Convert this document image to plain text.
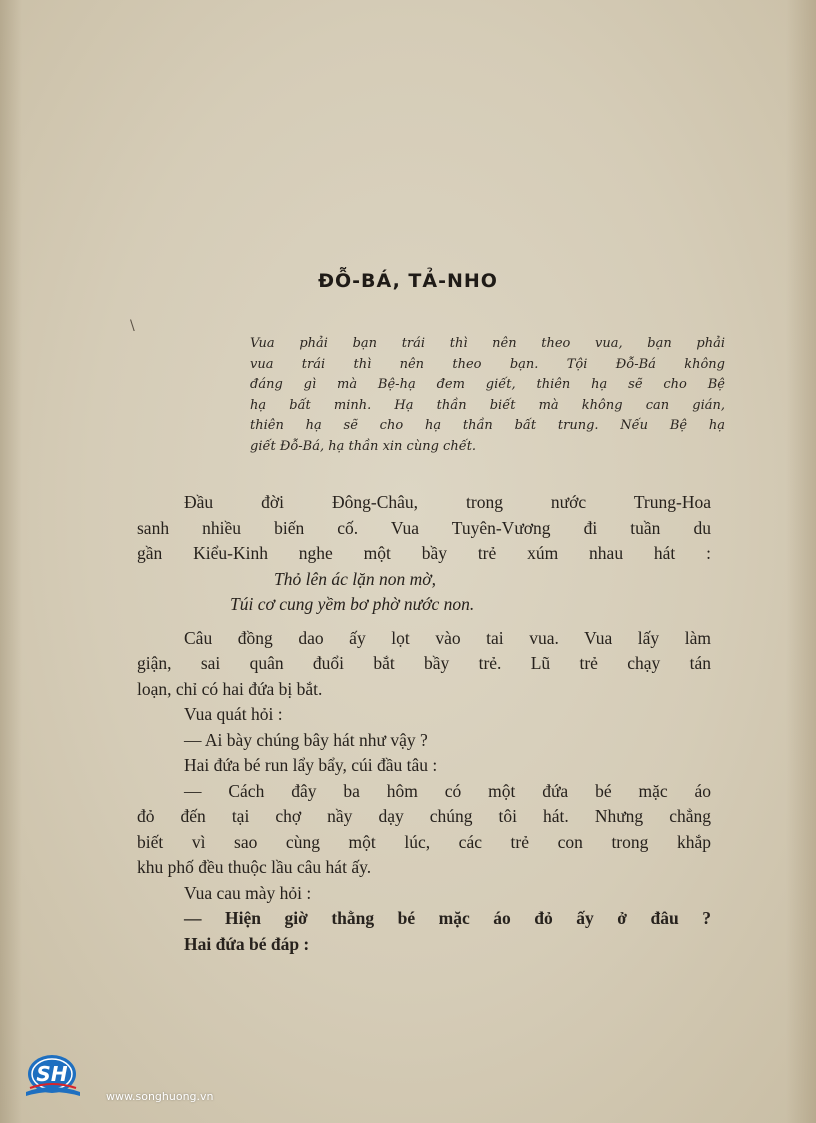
ĐỖ-BÁ, TẢ-NHO
\
Vua phải bạn trái thì nên theo vua, bạn phải
vua trái thì nên theo bạn. Tội Đỗ-Bá không
đáng gì mà Bệ-hạ đem giết, thiên hạ sẽ cho Bệ
hạ bất minh. Hạ thần biết mà không can gián,
thiên hạ sẽ cho hạ thần bất trung. Nếu Bệ hạ
giết Đỗ-Bá, hạ thần xin cùng chết.
Đầu đời Đông-Châu, trong nước Trung-Hoa
sanh nhiều biến cố. Vua Tuyên-Vương đi tuần du
gần Kiểu-Kinh nghe một bầy trẻ xúm nhau hát :
Thỏ lên ác lặn non mờ,
Túi cơ cung yềm bơ phờ nước non.
Câu đồng dao ấy lọt vào tai vua. Vua lấy làm
giận, sai quân đuổi bắt bầy trẻ. Lũ trẻ chạy tán
loạn, chỉ có hai đứa bị bắt.
Vua quát hỏi :
— Ai bày chúng bây hát như vậy ?
Hai đứa bé run lẩy bẩy, cúi đầu tâu :
— Cách đây ba hôm có một đứa bé mặc áo
đỏ đến tại chợ nầy dạy chúng tôi hát. Nhưng chẳng
biết vì sao cùng một lúc, các trẻ con trong khắp
khu phố đều thuộc lầu câu hát ấy.
Vua cau mày hỏi :
— Hiện giờ thằng bé mặc áo đỏ ấy ở đâu ?
Hai đứa bé đáp :
SH
www.songhuong.vn
